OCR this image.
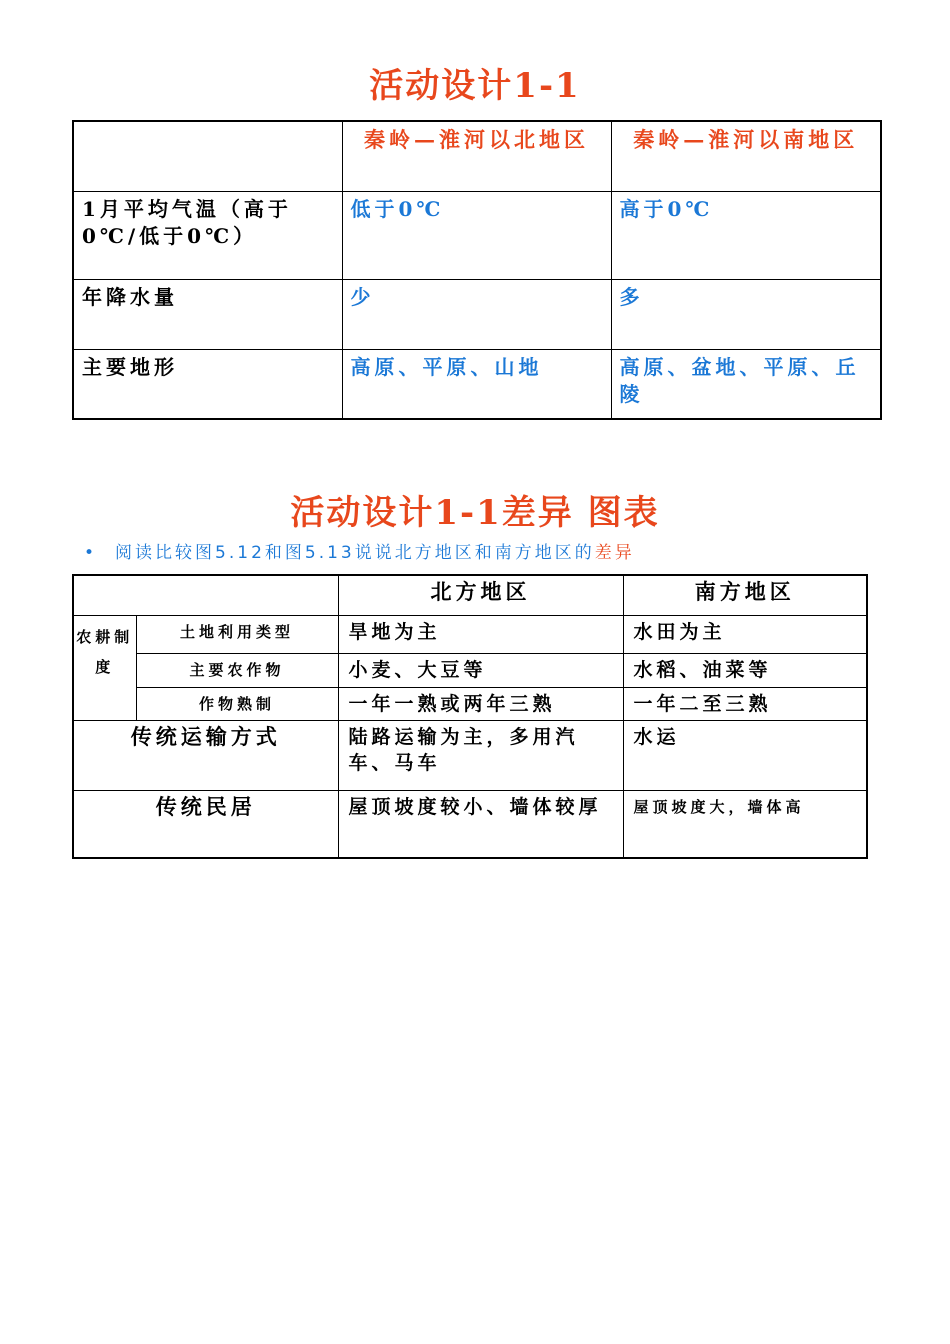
活动设计1-1
	秦岭—淮河以北地区	秦岭—淮河以南地区
1月平均气温（高于0℃/低于0℃）	低于0℃	高于0℃
年降水量	少	多
主要地形	高原、平原、山地	高原、盆地、平原、丘陵
活动设计1-1差异 图表
• 阅读比较图5.12和图5.13说说北方地区和南方地区的差异
		北方地区	南方地区
农耕制度	土地利用类型	旱地为主	水田为主
	主要农作物	小麦、大豆等	水稻、油菜等
	作物熟制	一年一熟或两年三熟	一年二至三熟
传统运输方式		陆路运输为主，多用汽车、马车	水运
传统民居		屋顶坡度较小、墙体较厚	屋顶坡度大，墙体高
